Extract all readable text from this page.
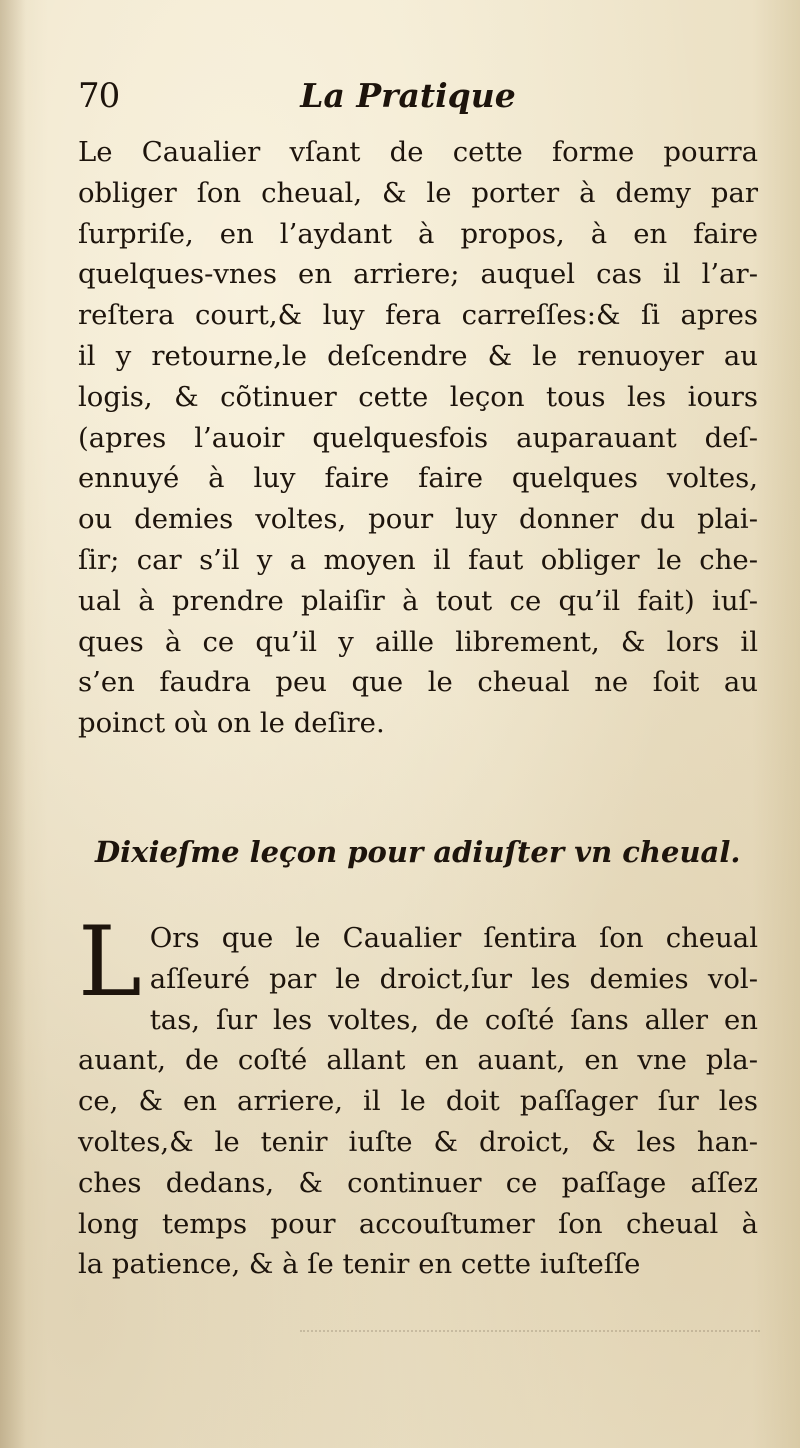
70	La Pratique

Le Caualier vſant de cette forme pourra
obliger ſon cheual, & le porter à demy par
ſurpriſe, en l’aydant à propos, à en faire
quelques-vnes en arriere; auquel cas il l’ar-
reſtera court,& luy fera carreſſes:& ſi apres
il y retourne,le deſcendre & le renuoyer au
logis, & cõtinuer cette leçon tous les iours
(apres l’auoir quelquesfois auparauant deſ-
ennuyé à luy faire faire quelques voltes,
ou demies voltes, pour luy donner du plai-
ſir; car s’il y a moyen il faut obliger le che-
ual à prendre plaiſir à tout ce qu’il fait) iuſ-
ques à ce qu’il y aille librement, & lors il
s’en faudra peu que le cheual ne ſoit au
poinct où on le deſire.

Dixieſme leçon pour adiuſter vn cheual.

L Ors que le Caualier ſentira ſon cheual
aſſeuré par le droict,ſur les demies vol-
tas, ſur les voltes, de coſté ſans aller en
auant, de coſté allant en auant, en vne pla-
ce, & en arriere, il le doit paſſager ſur les
voltes,& le tenir iuſte & droict, & les han-
ches dedans, & continuer ce paſſage aſſez
long temps pour accouſtumer ſon cheual à
la patience, & à ſe tenir en cette iuſteſſe
